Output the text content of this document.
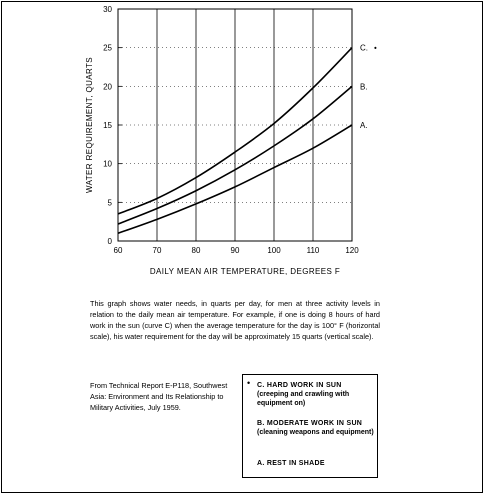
C. •
B.
A.
60	70	80	90	100	110	120
0
5
10
15
20
25
30
DAILY MEAN AIR TEMPERATURE, DEGREES F
WATER REQUIREMENT, QUARTS
This graph shows water needs, in quarts per day, for men at three activity levels in relation to the daily mean air temperature. For example, if one is doing 8 hours of hard work in the sun (curve C) when the average temperature for the day is 100° F (horizontal scale), his water requirement for the day will be approximately 15 quarts (vertical scale).
From Technical Report E-P118, Southwest Asia: Environment and Its Relationship to Military Activities, July 1959.
• C. HARD WORK IN SUN
(creeping and crawling with equipment on)
B. MODERATE WORK IN SUN
(cleaning weapons and equipment)
A. REST IN SHADE
